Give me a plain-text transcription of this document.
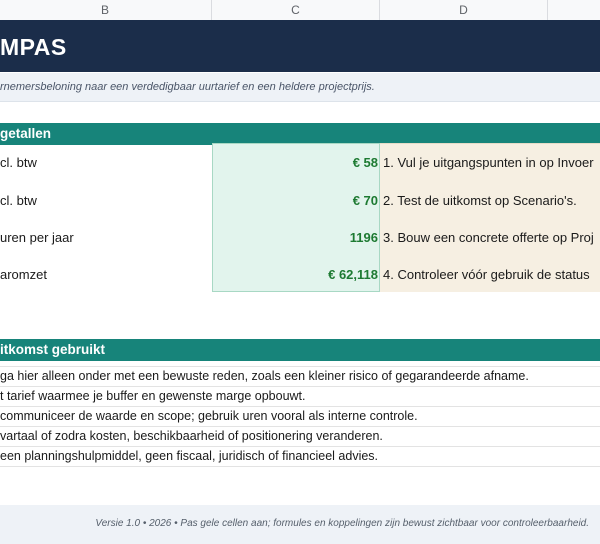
B	C	D
MPAS
rnemersbeloning naar een verdedigbaar uurtarief en een heldere projectprijs.
getallen
cl. btw	€ 58 1. Vul je uitgangspunten in op Invoer
cl. btw	€ 70 2. Test de uitkomst op Scenario's.
uren per jaar	1196 3. Bouw een concrete offerte op Proj
aromzet	€ 62,118 4. Controleer vóór gebruik de status
itkomst gebruikt
ga hier alleen onder met een bewuste reden, zoals een kleiner risico of gegarandeerde afname.
t tarief waarmee je buffer en gewenste marge opbouwt.
communiceer de waarde en scope; gebruik uren vooral als interne controle.
vartaal of zodra kosten, beschikbaarheid of positionering veranderen.
een planningshulpmiddel, geen fiscaal, juridisch of financieel advies.
Versie 1.0 • 2026 • Pas gele cellen aan; formules en koppelingen zijn bewust zichtbaar voor controleerbaarheid.
